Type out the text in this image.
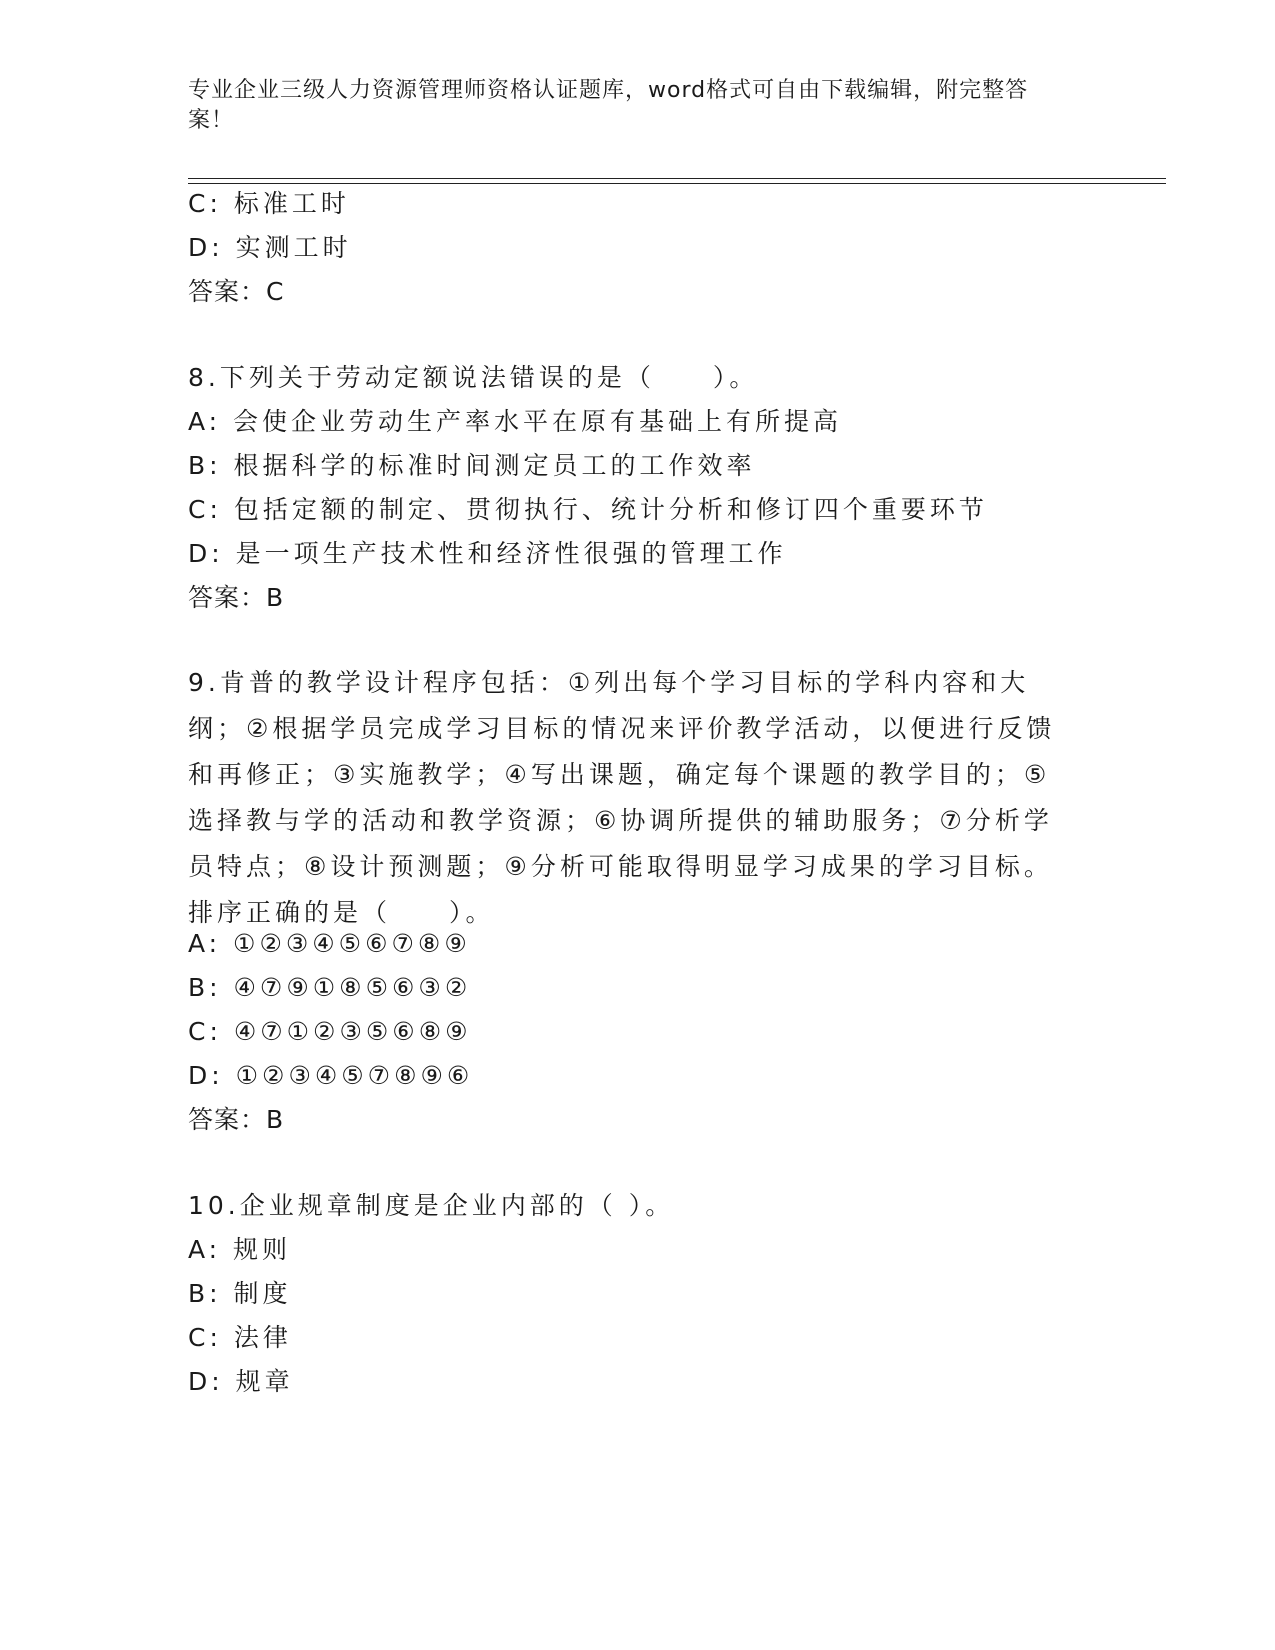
专业企业三级人力资源管理师资格认证题库，word格式可自由下载编辑，附完整答案！
C: 标准工时
D: 实测工时
答案：C
8.下列关于劳动定额说法错误的是（　　）。
A: 会使企业劳动生产率水平在原有基础上有所提高
B: 根据科学的标准时间测定员工的工作效率
C: 包括定额的制定、贯彻执行、统计分析和修订四个重要环节
D: 是一项生产技术性和经济性很强的管理工作
答案：B
9.肯普的教学设计程序包括：①列出每个学习目标的学科内容和大纲；②根据学员完成学习目标的情况来评价教学活动，以便进行反馈和再修正；③实施教学；④写出课题，确定每个课题的教学目的；⑤选择教与学的活动和教学资源；⑥协调所提供的辅助服务；⑦分析学员特点；⑧设计预测题；⑨分析可能取得明显学习成果的学习目标。排序正确的是（　　）。
A: ①②③④⑤⑥⑦⑧⑨
B: ④⑦⑨①⑧⑤⑥③②
C: ④⑦①②③⑤⑥⑧⑨
D: ①②③④⑤⑦⑧⑨⑥
答案：B
10.企业规章制度是企业内部的（ ）。
A: 规则
B: 制度
C: 法律
D: 规章
